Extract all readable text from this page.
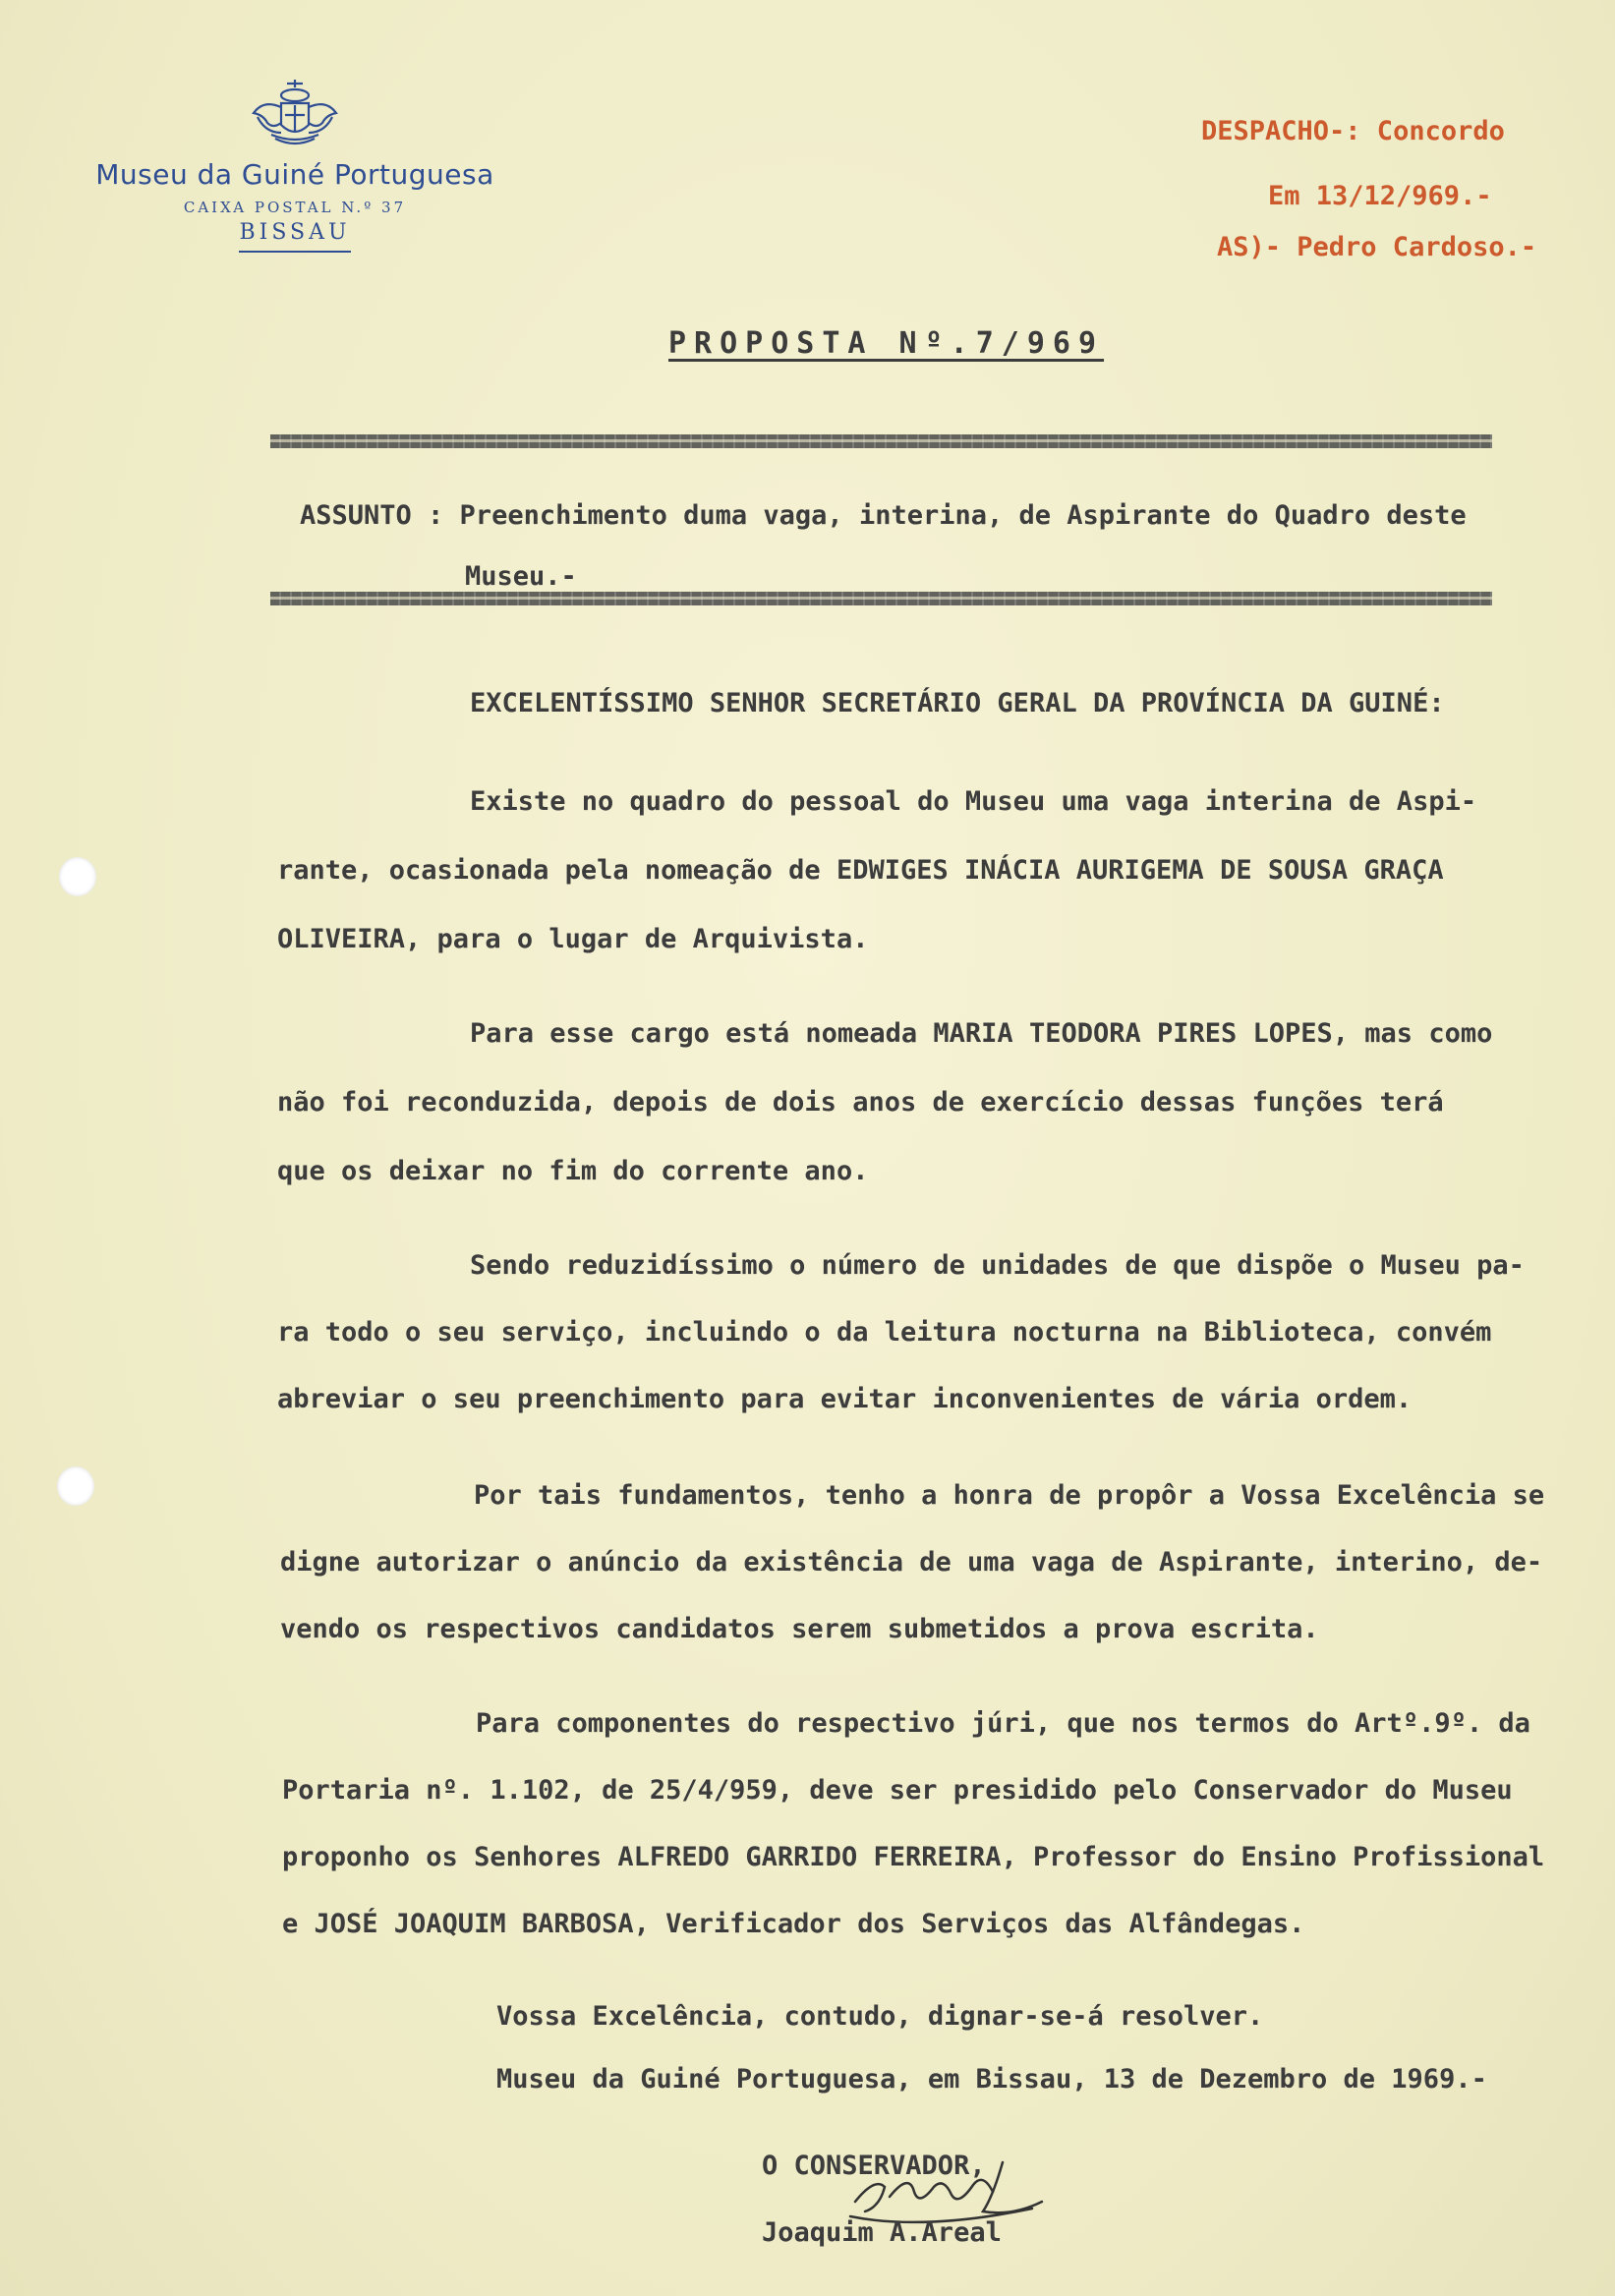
Museu da Guiné Portuguesa
CAIXA POSTAL N.º 37
BISSAU
DESPACHO-: Concordo
Em 13/12/969.-
AS)- Pedro Cardoso.-
PROPOSTA Nº.7/969
ASSUNTO : Preenchimento duma vaga, interina, de Aspirante do Quadro deste
Museu.-
EXCELENTÍSSIMO SENHOR SECRETÁRIO GERAL DA PROVÍNCIA DA GUINÉ:
Existe no quadro do pessoal do Museu uma vaga interina de Aspi-
rante, ocasionada pela nomeação de EDWIGES INÁCIA AURIGEMA DE SOUSA GRAÇA
OLIVEIRA, para o lugar de Arquivista.
Para esse cargo está nomeada MARIA TEODORA PIRES LOPES, mas como
não foi reconduzida, depois de dois anos de exercício dessas funções terá
que os deixar no fim do corrente ano.
Sendo reduzidíssimo o número de unidades de que dispõe o Museu pa-
ra todo o seu serviço, incluindo o da leitura nocturna na Biblioteca, convém
abreviar o seu preenchimento para evitar inconvenientes de vária ordem.
Por tais fundamentos, tenho a honra de propôr a Vossa Excelência se
digne autorizar o anúncio da existência de uma vaga de Aspirante, interino, de-
vendo os respectivos candidatos serem submetidos a prova escrita.
Para componentes do respectivo júri, que nos termos do Artº.9º. da
Portaria nº. 1.102, de 25/4/959, deve ser presidido pelo Conservador do Museu
proponho os Senhores ALFREDO GARRIDO FERREIRA, Professor do Ensino Profissional
e JOSÉ JOAQUIM BARBOSA, Verificador dos Serviços das Alfândegas.
Vossa Excelência, contudo, dignar-se-á resolver.
Museu da Guiné Portuguesa, em Bissau, 13 de Dezembro de 1969.-
O CONSERVADOR,
Joaquim A.Areal
